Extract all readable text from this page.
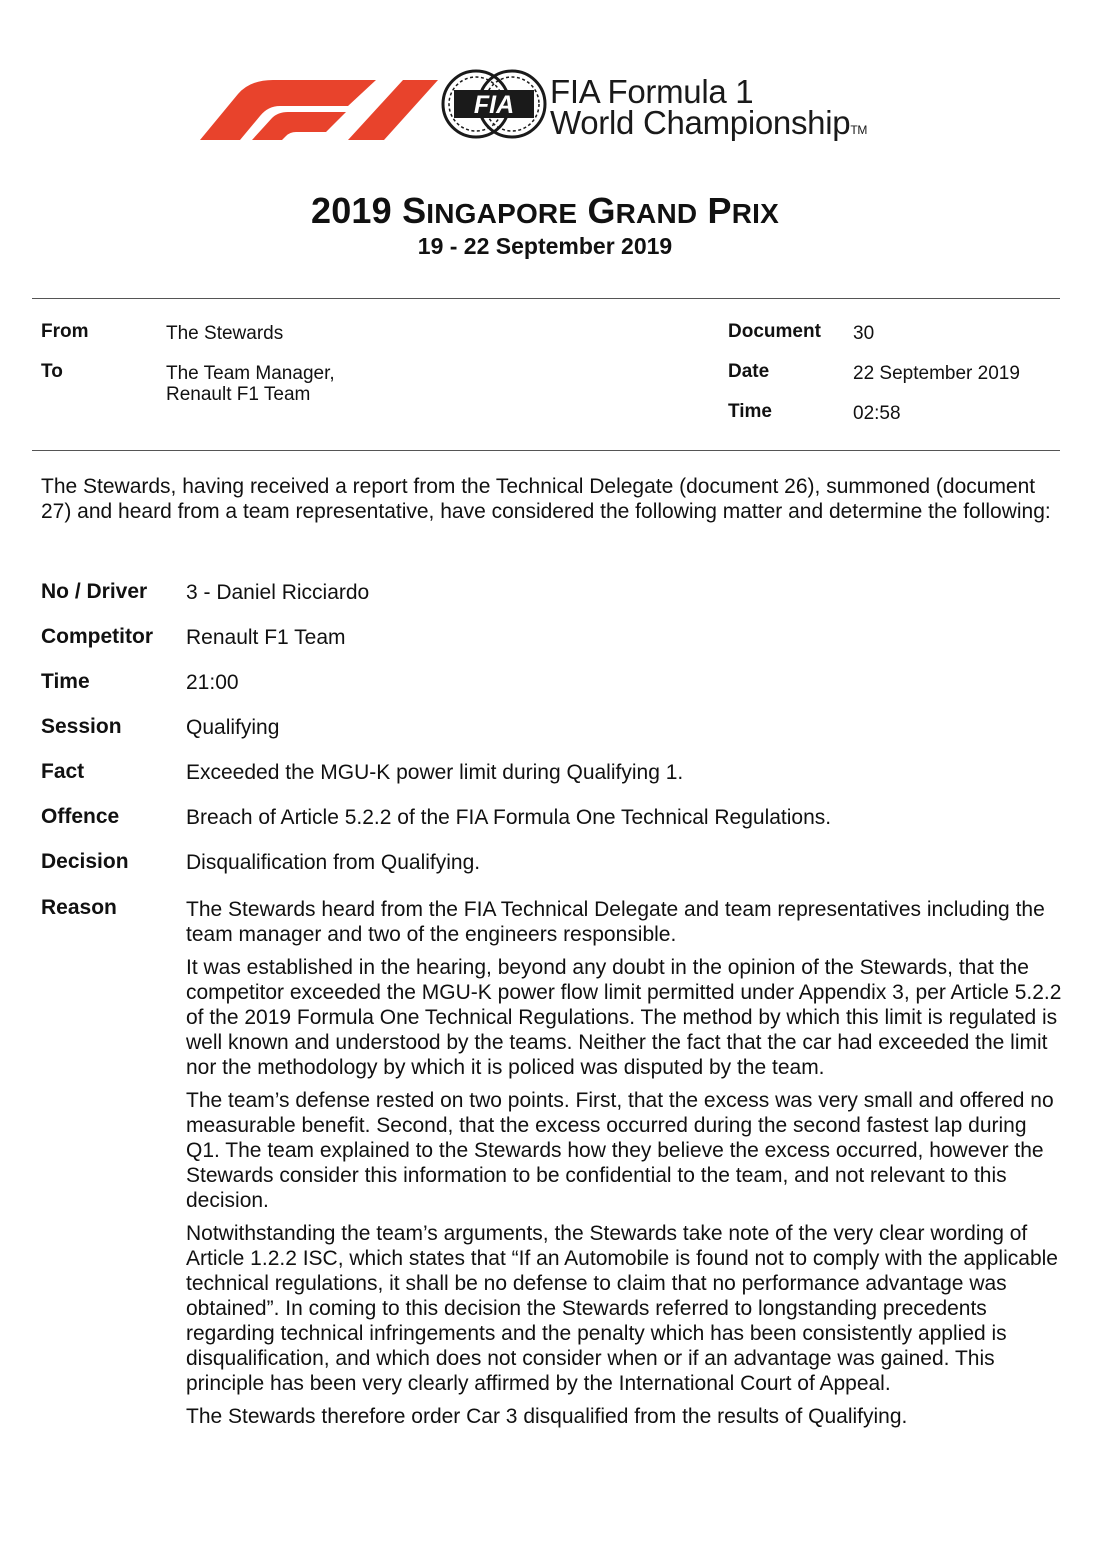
FIA FIA Formula 1
World ChampionshipTM
2019 SINGAPORE GRAND PRIX
19 - 22 September 2019
From	The Stewards
To	The Team Manager,
Renault F1 Team
Document 30
Date	22 September 2019
Time	02:58
The Stewards, having received a report from the Technical Delegate (document 26), summoned (document 27) and heard from a team representative, have considered the following matter and determine the following:
No / Driver 3 - Daniel Ricciardo
Competitor Renault F1 Team
Time	21:00
Session	Qualifying
Fact	Exceeded the MGU-K power limit during Qualifying 1.
Offence	Breach of Article 5.2.2 of the FIA Formula One Technical Regulations.
Decision	Disqualification from Qualifying.
Reason	The Stewards heard from the FIA Technical Delegate and team representatives including the team manager and two of the engineers responsible.

It was established in the hearing, beyond any doubt in the opinion of the Stewards, that the competitor exceeded the MGU-K power flow limit permitted under Appendix 3, per Article 5.2.2 of the 2019 Formula One Technical Regulations. The method by which this limit is regulated is well known and understood by the teams. Neither the fact that the car had exceeded the limit nor the methodology by which it is policed was disputed by the team.

The team’s defense rested on two points. First, that the excess was very small and offered no measurable benefit. Second, that the excess occurred during the second fastest lap during Q1. The team explained to the Stewards how they believe the excess occurred, however the Stewards consider this information to be confidential to the team, and not relevant to this decision.

Notwithstanding the team’s arguments, the Stewards take note of the very clear wording of Article 1.2.2 ISC, which states that “If an Automobile is found not to comply with the applicable technical regulations, it shall be no defense to claim that no performance advantage was obtained”. In coming to this decision the Stewards referred to longstanding precedents regarding technical infringements and the penalty which has been consistently applied is disqualification, and which does not consider when or if an advantage was gained. This principle has been very clearly affirmed by the International Court of Appeal.

The Stewards therefore order Car 3 disqualified from the results of Qualifying.
